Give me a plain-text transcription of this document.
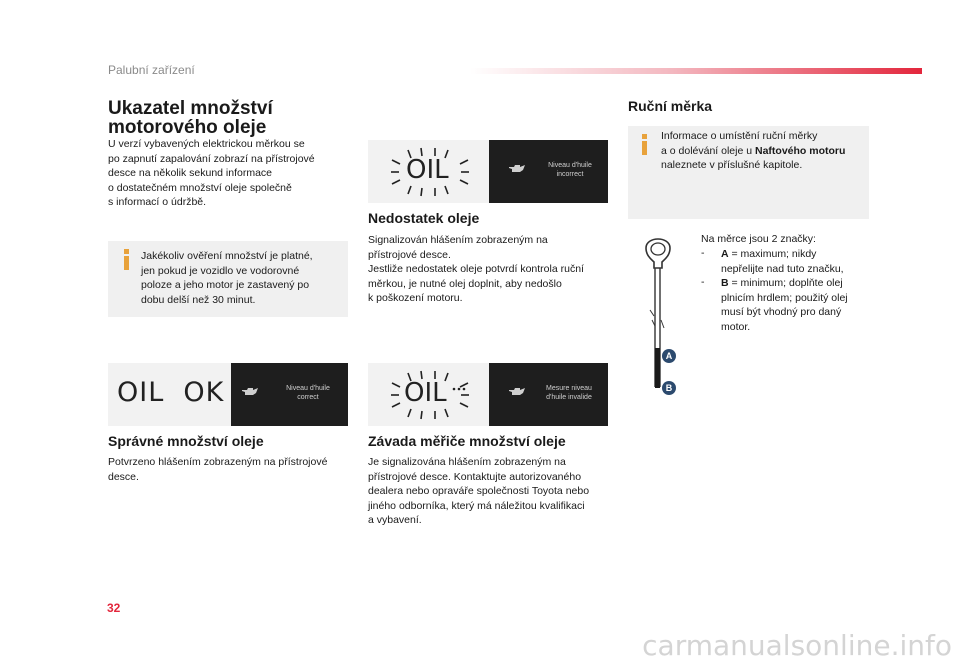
Palubní zařízení
Ukazatel množství
motorového oleje
U verzí vybavených elektrickou měrkou se
po zapnutí zapalování zobrazí na přístrojové
desce na několik sekund informace
o dostatečném množství oleje společně
s informací o údržbě.
Jakékoliv ověření množství je platné,
jen pokud je vozidlo ve vodorovné
poloze a jeho motor je zastavený po
dobu delší než 30 minut.
OIL  OK	Niveau d'huile
correct
Správné množství oleje
Potvrzeno hlášením zobrazeným na přístrojové
desce.
OIL	Niveau d'huile
incorrect
Nedostatek oleje
Signalizován hlášením zobrazeným na
přístrojové desce.
Jestliže nedostatek oleje potvrdí kontrola ruční
měrkou, je nutné olej doplnit, aby nedošlo
k poškození motoru.
OIL	Mesure niveau
d'huile invalide
Závada měřiče množství oleje
Je signalizována hlášením zobrazeným na
přístrojové desce. Kontaktujte autorizovaného
dealera nebo opraváře společnosti Toyota nebo
jiného odborníka, který má náležitou kvalifikaci
a vybavení.
Ruční měrka
Informace o umístění ruční měrky
a o dolévání oleje u Naftového motoru
naleznete v příslušné kapitole.
A
B
Na měrce jsou 2 značky:
- A = maximum; nikdy
nepřelijte nad tuto značku,
- B = minimum; doplňte olej
plnicím hrdlem; použitý olej
musí být vhodný pro daný
motor.
32
carmanualsonline.info
